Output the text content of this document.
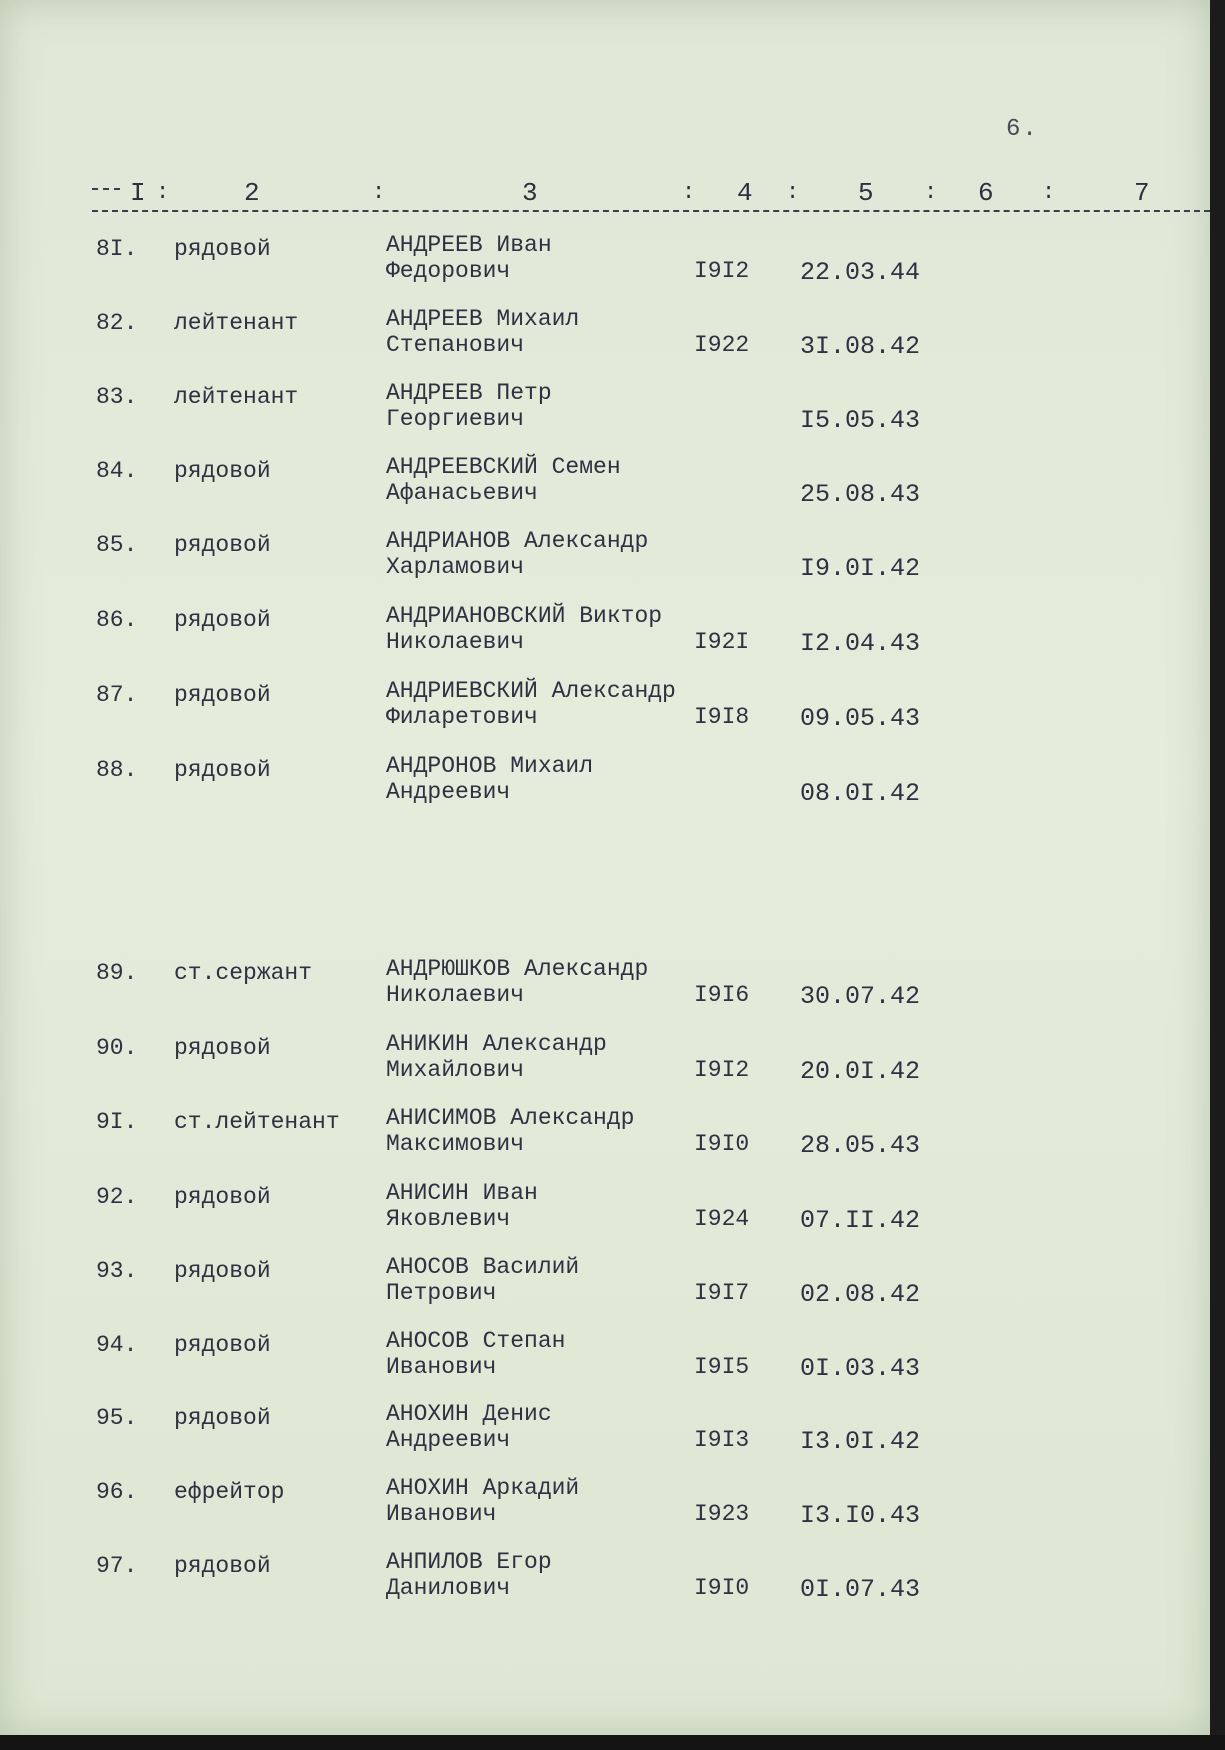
6.
I :	2	:	3	: 4 : 5 : 6 :	7
8I. рядовой	АНДРЕЕВ Иван
Федорович	I9I2 22.03.44
82. лейтенант	АНДРЕЕВ Михаил
Степанович	I922 3I.08.42
83. лейтенант	АНДРЕЕВ Петр
Георгиевич	I5.05.43
84. рядовой	АНДРЕЕВСКИЙ Семен
Афанасьевич	25.08.43
85. рядовой	АНДРИАНОВ Александр
Харламович	I9.0I.42
86. рядовой	АНДРИАНОВСКИЙ Виктор
Николаевич	I92I I2.04.43
87. рядовой	АНДРИЕВСКИЙ Александр
Филаретович	I9I8 09.05.43
88. рядовой	АНДРОНОВ Михаил
Андреевич	08.0I.42
89. ст.сержант	АНДРЮШКОВ Александр
Николаевич	I9I6 30.07.42
90. рядовой	АНИКИН Александр
Михайлович	I9I2 20.0I.42
9I. ст.лейтенант АНИСИМОВ Александр
Максимович	I9I0 28.05.43
92. рядовой	АНИСИН Иван
Яковлевич	I924 07.II.42
93. рядовой	АНОСОВ Василий
Петрович	I9I7 02.08.42
94. рядовой	АНОСОВ Степан
Иванович	I9I5 0I.03.43
95. рядовой	АНОХИН Денис
Андреевич	I9I3 I3.0I.42
96. ефрейтор	АНОХИН Аркадий
Иванович	I923 I3.I0.43
97. рядовой	АНПИЛОВ Егор
Данилович	I9I0 0I.07.43
